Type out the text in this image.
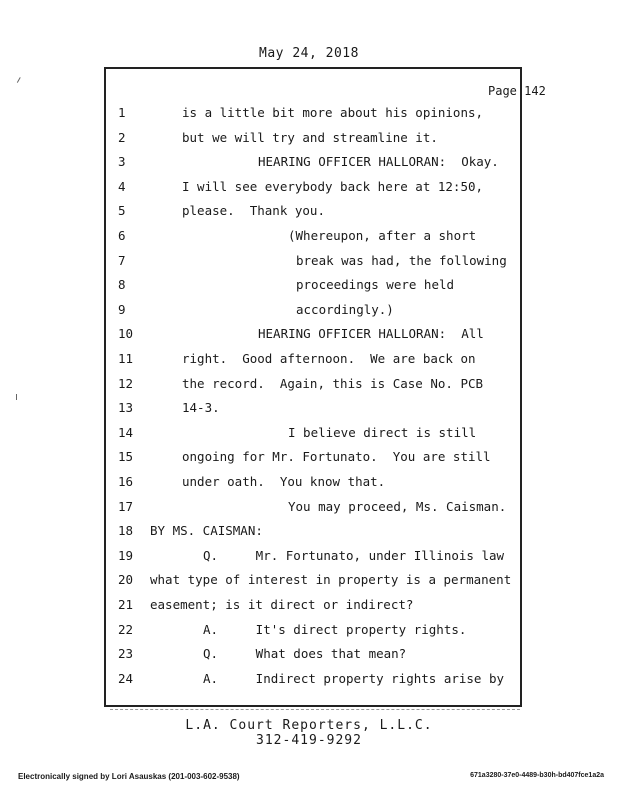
May 24, 2018
Page 142
1	is a little bit more about his opinions,
2	but we will try and streamline it.
3	HEARING OFFICER HALLORAN:  Okay.
4	I will see everybody back here at 12:50,
5	please.  Thank you.
6	(Whereupon, after a short
7	break was had, the following
8	proceedings were held
9	accordingly.)
10	HEARING OFFICER HALLORAN:  All
11	right.  Good afternoon.  We are back on
12	the record.  Again, this is Case No. PCB
13	14-3.
14	I believe direct is still
15	ongoing for Mr. Fortunato.  You are still
16	under oath.  You know that.
17	You may proceed, Ms. Caisman.
18	BY MS. CAISMAN:
19	Q.     Mr. Fortunato, under Illinois law
20	what type of interest in property is a permanent
21	easement; is it direct or indirect?
22	A.     It's direct property rights.
23	Q.     What does that mean?
24	A.     Indirect property rights arise by
L.A. Court Reporters, L.L.C.
312-419-9292
Electronically signed by Lori Asauskas (201-003-602-9538)	671a3280-37e0-4489-b30h-bd407fce1a2a
